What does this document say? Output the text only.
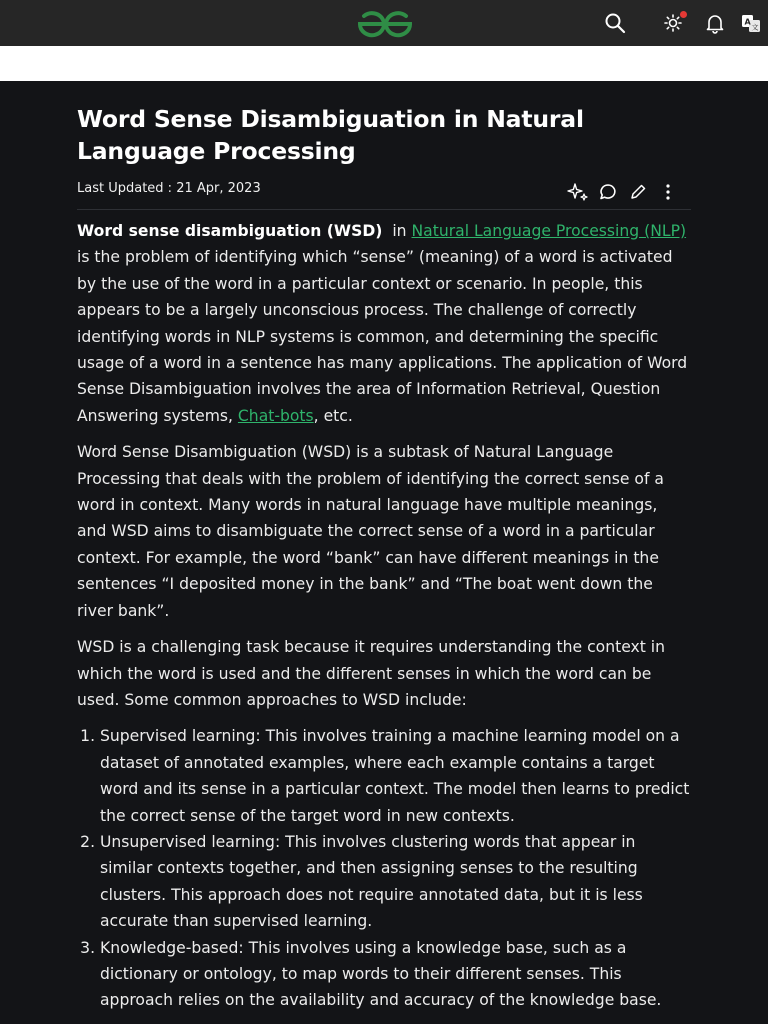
A
文
Word Sense Disambiguation in Natural Language Processing
Last Updated : 21 Apr, 2023

Word sense disambiguation (WSD)  in Natural Language Processing (NLP) is the problem of identifying which “sense” (meaning) of a word is activated by the use of the word in a particular context or scenario. In people, this appears to be a largely unconscious process. The challenge of correctly identifying words in NLP systems is common, and determining the specific usage of a word in a sentence has many applications. The application of Word Sense Disambiguation involves the area of Information Retrieval, Question Answering systems, Chat-bots, etc.

Word Sense Disambiguation (WSD) is a subtask of Natural Language Processing that deals with the problem of identifying the correct sense of a word in context. Many words in natural language have multiple meanings, and WSD aims to disambiguate the correct sense of a word in a particular context. For example, the word “bank” can have different meanings in the sentences “I deposited money in the bank” and “The boat went down the river bank”.

WSD is a challenging task because it requires understanding the context in which the word is used and the different senses in which the word can be used. Some common approaches to WSD include:

1. Supervised learning: This involves training a machine learning model on a dataset of annotated examples, where each example contains a target word and its sense in a particular context. The model then learns to predict the correct sense of the target word in new contexts.
2. Unsupervised learning: This involves clustering words that appear in similar contexts together, and then assigning senses to the resulting clusters. This approach does not require annotated data, but it is less accurate than supervised learning.
3. Knowledge-based: This involves using a knowledge base, such as a dictionary or ontology, to map words to their different senses. This approach relies on the availability and accuracy of the knowledge base.
